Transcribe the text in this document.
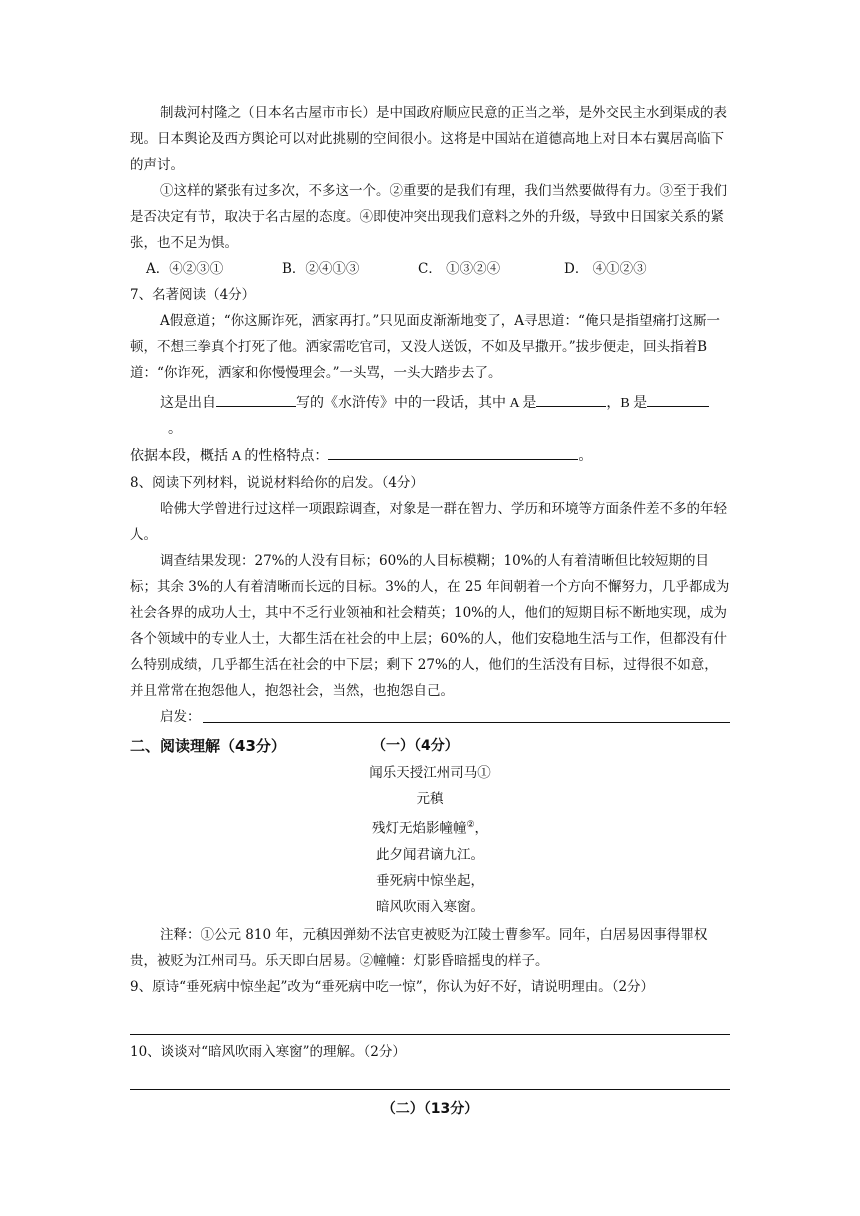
制裁河村隆之（日本名古屋市市长）是中国政府顺应民意的正当之举，是外交民主水到渠成的表现。日本舆论及西方舆论可以对此挑剔的空间很小。这将是中国站在道德高地上对日本右翼居高临下的声讨。

①这样的紧张有过多次，不多这一个。②重要的是我们有理，我们当然要做得有力。③至于我们是否决定有节，取决于名古屋的态度。④即使冲突出现我们意料之外的升级，导致中日国家关系的紧张，也不足为惧。

A．④②③①	B．②④①③	C． ①③②④	D． ④①②③

7、名著阅读（4分）

A假意道；“你这厮诈死，洒家再打。”只见面皮渐渐地变了，A寻思道：“俺只是指望痛打这厮一顿，不想三拳真个打死了他。洒家需吃官司，又没人送饭，不如及早撒开。”拔步便走，回头指着B道：“你诈死，洒家和你慢慢理会。”一头骂，一头大踏步去了。

这是出自	写的《水浒传》中的一段话，其中 A 是	，B 是。

依据本段，概括 A 的性格特点：	。

8、阅读下列材料，说说材料给你的启发。（4分）

哈佛大学曾进行过这样一项跟踪调查，对象是一群在智力、学历和环境等方面条件差不多的年轻人。

调查结果发现：27%的人没有目标；60%的人目标模糊；10%的人有着清晰但比较短期的目标；其余 3%的人有着清晰而长远的目标。3%的人，在 25 年间朝着一个方向不懈努力，几乎都成为社会各界的成功人士，其中不乏行业领袖和社会精英；10%的人，他们的短期目标不断地实现，成为各个领域中的专业人士，大都生活在社会的中上层；60%的人，他们安稳地生活与工作，但都没有什么特别成绩，几乎都生活在社会的中下层；剩下 27%的人，他们的生活没有目标，过得很不如意，并且常常在抱怨他人，抱怨社会，当然，也抱怨自己。

启发：

二、阅读理解（43分）	（一）（4分）
闻乐天授江州司马①
元稹
残灯无焰影幢幢②，
此夕闻君谪九江。
垂死病中惊坐起，
暗风吹雨入寒窗。

注释：①公元 810 年，元稹因弹劾不法官吏被贬为江陵士曹参军。同年，白居易因事得罪权贵，被贬为江州司马。乐天即白居易。②幢幢：灯影昏暗摇曳的样子。

9、原诗“垂死病中惊坐起”改为“垂死病中吃一惊”，你认为好不好，请说明理由。（2分）

10、谈谈对“暗风吹雨入寒窗”的理解。（2分）

（二）（13分）
